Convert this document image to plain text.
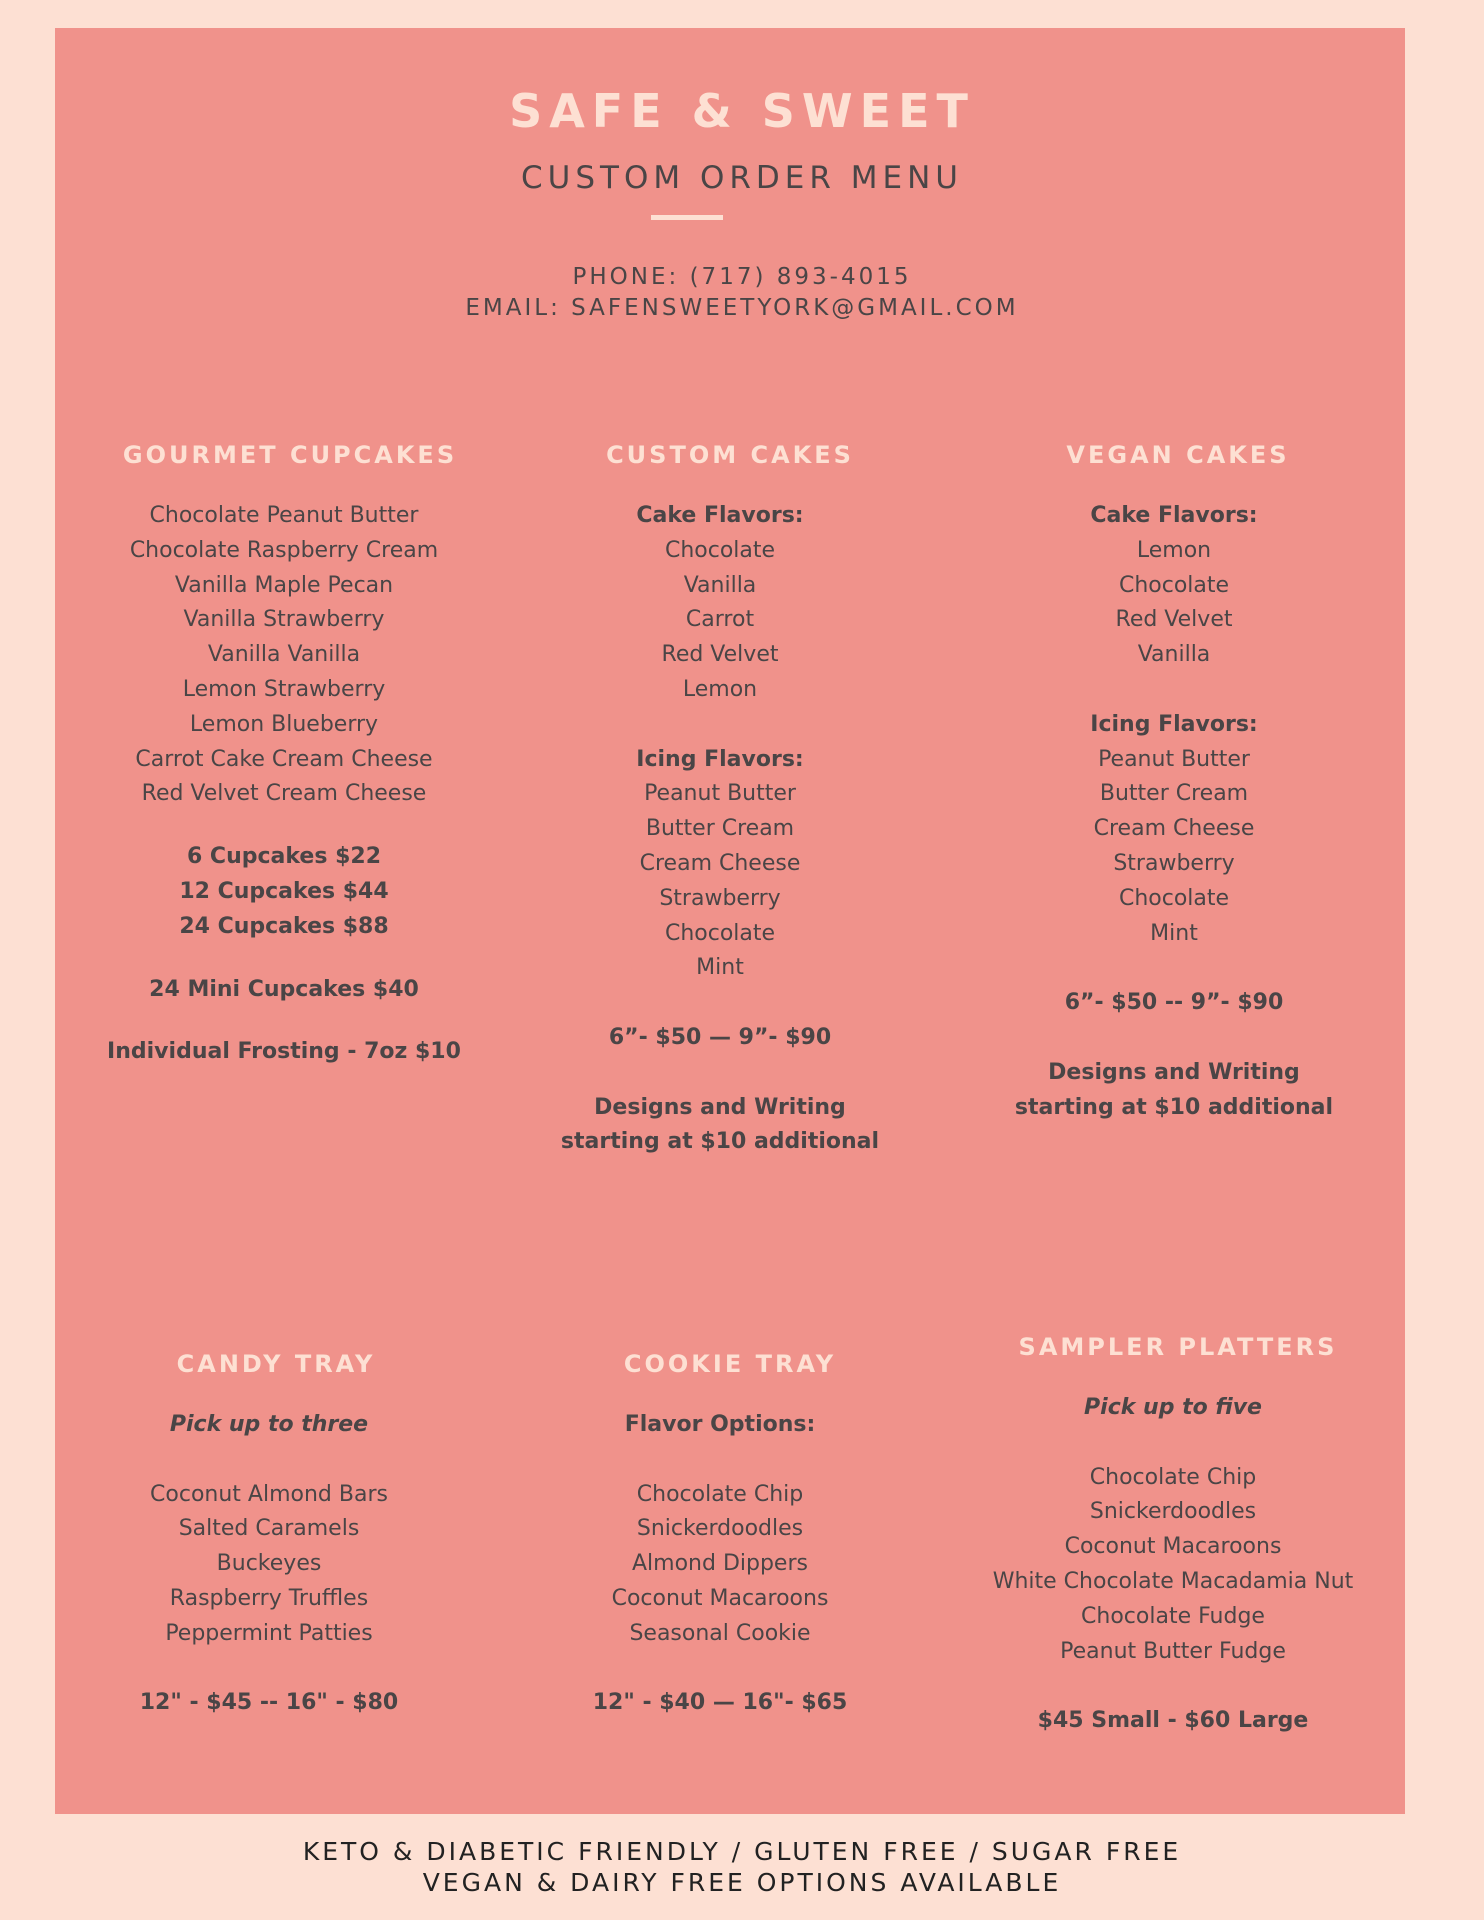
SAFE & SWEET
CUSTOM ORDER MENU
PHONE: (717) 893-4015
EMAIL: SAFENSWEETYORK@GMAIL.COM
GOURMET CUPCAKES
Chocolate Peanut Butter
Chocolate Raspberry Cream
Vanilla Maple Pecan
Vanilla Strawberry
Vanilla Vanilla
Lemon Strawberry
Lemon Blueberry
Carrot Cake Cream Cheese
Red Velvet Cream Cheese
6 Cupcakes $22
12 Cupcakes $44
24 Cupcakes $88
24 Mini Cupcakes $40
Individual Frosting - 7oz $10
CUSTOM CAKES
Cake Flavors:
Chocolate
Vanilla
Carrot
Red Velvet
Lemon
Icing Flavors:
Peanut Butter
Butter Cream
Cream Cheese
Strawberry
Chocolate
Mint
6”- $50 — 9”- $90
Designs and Writing
starting at $10 additional
VEGAN CAKES
Cake Flavors:
Lemon
Chocolate
Red Velvet
Vanilla
Icing Flavors:
Peanut Butter
Butter Cream
Cream Cheese
Strawberry
Chocolate
Mint
6”- $50 -- 9”- $90
Designs and Writing
starting at $10 additional
CANDY TRAY
Pick up to three
Coconut Almond Bars
Salted Caramels
Buckeyes
Raspberry Truffles
Peppermint Patties
12" - $45 -- 16" - $80
COOKIE TRAY
Flavor Options:
Chocolate Chip
Snickerdoodles
Almond Dippers
Coconut Macaroons
Seasonal Cookie
12" - $40 — 16"- $65
SAMPLER PLATTERS
Pick up to five
Chocolate Chip
Snickerdoodles
Coconut Macaroons
White Chocolate Macadamia Nut
Chocolate Fudge
Peanut Butter Fudge
$45 Small - $60 Large
KETO & DIABETIC FRIENDLY / GLUTEN FREE / SUGAR FREE
VEGAN & DAIRY FREE OPTIONS AVAILABLE
